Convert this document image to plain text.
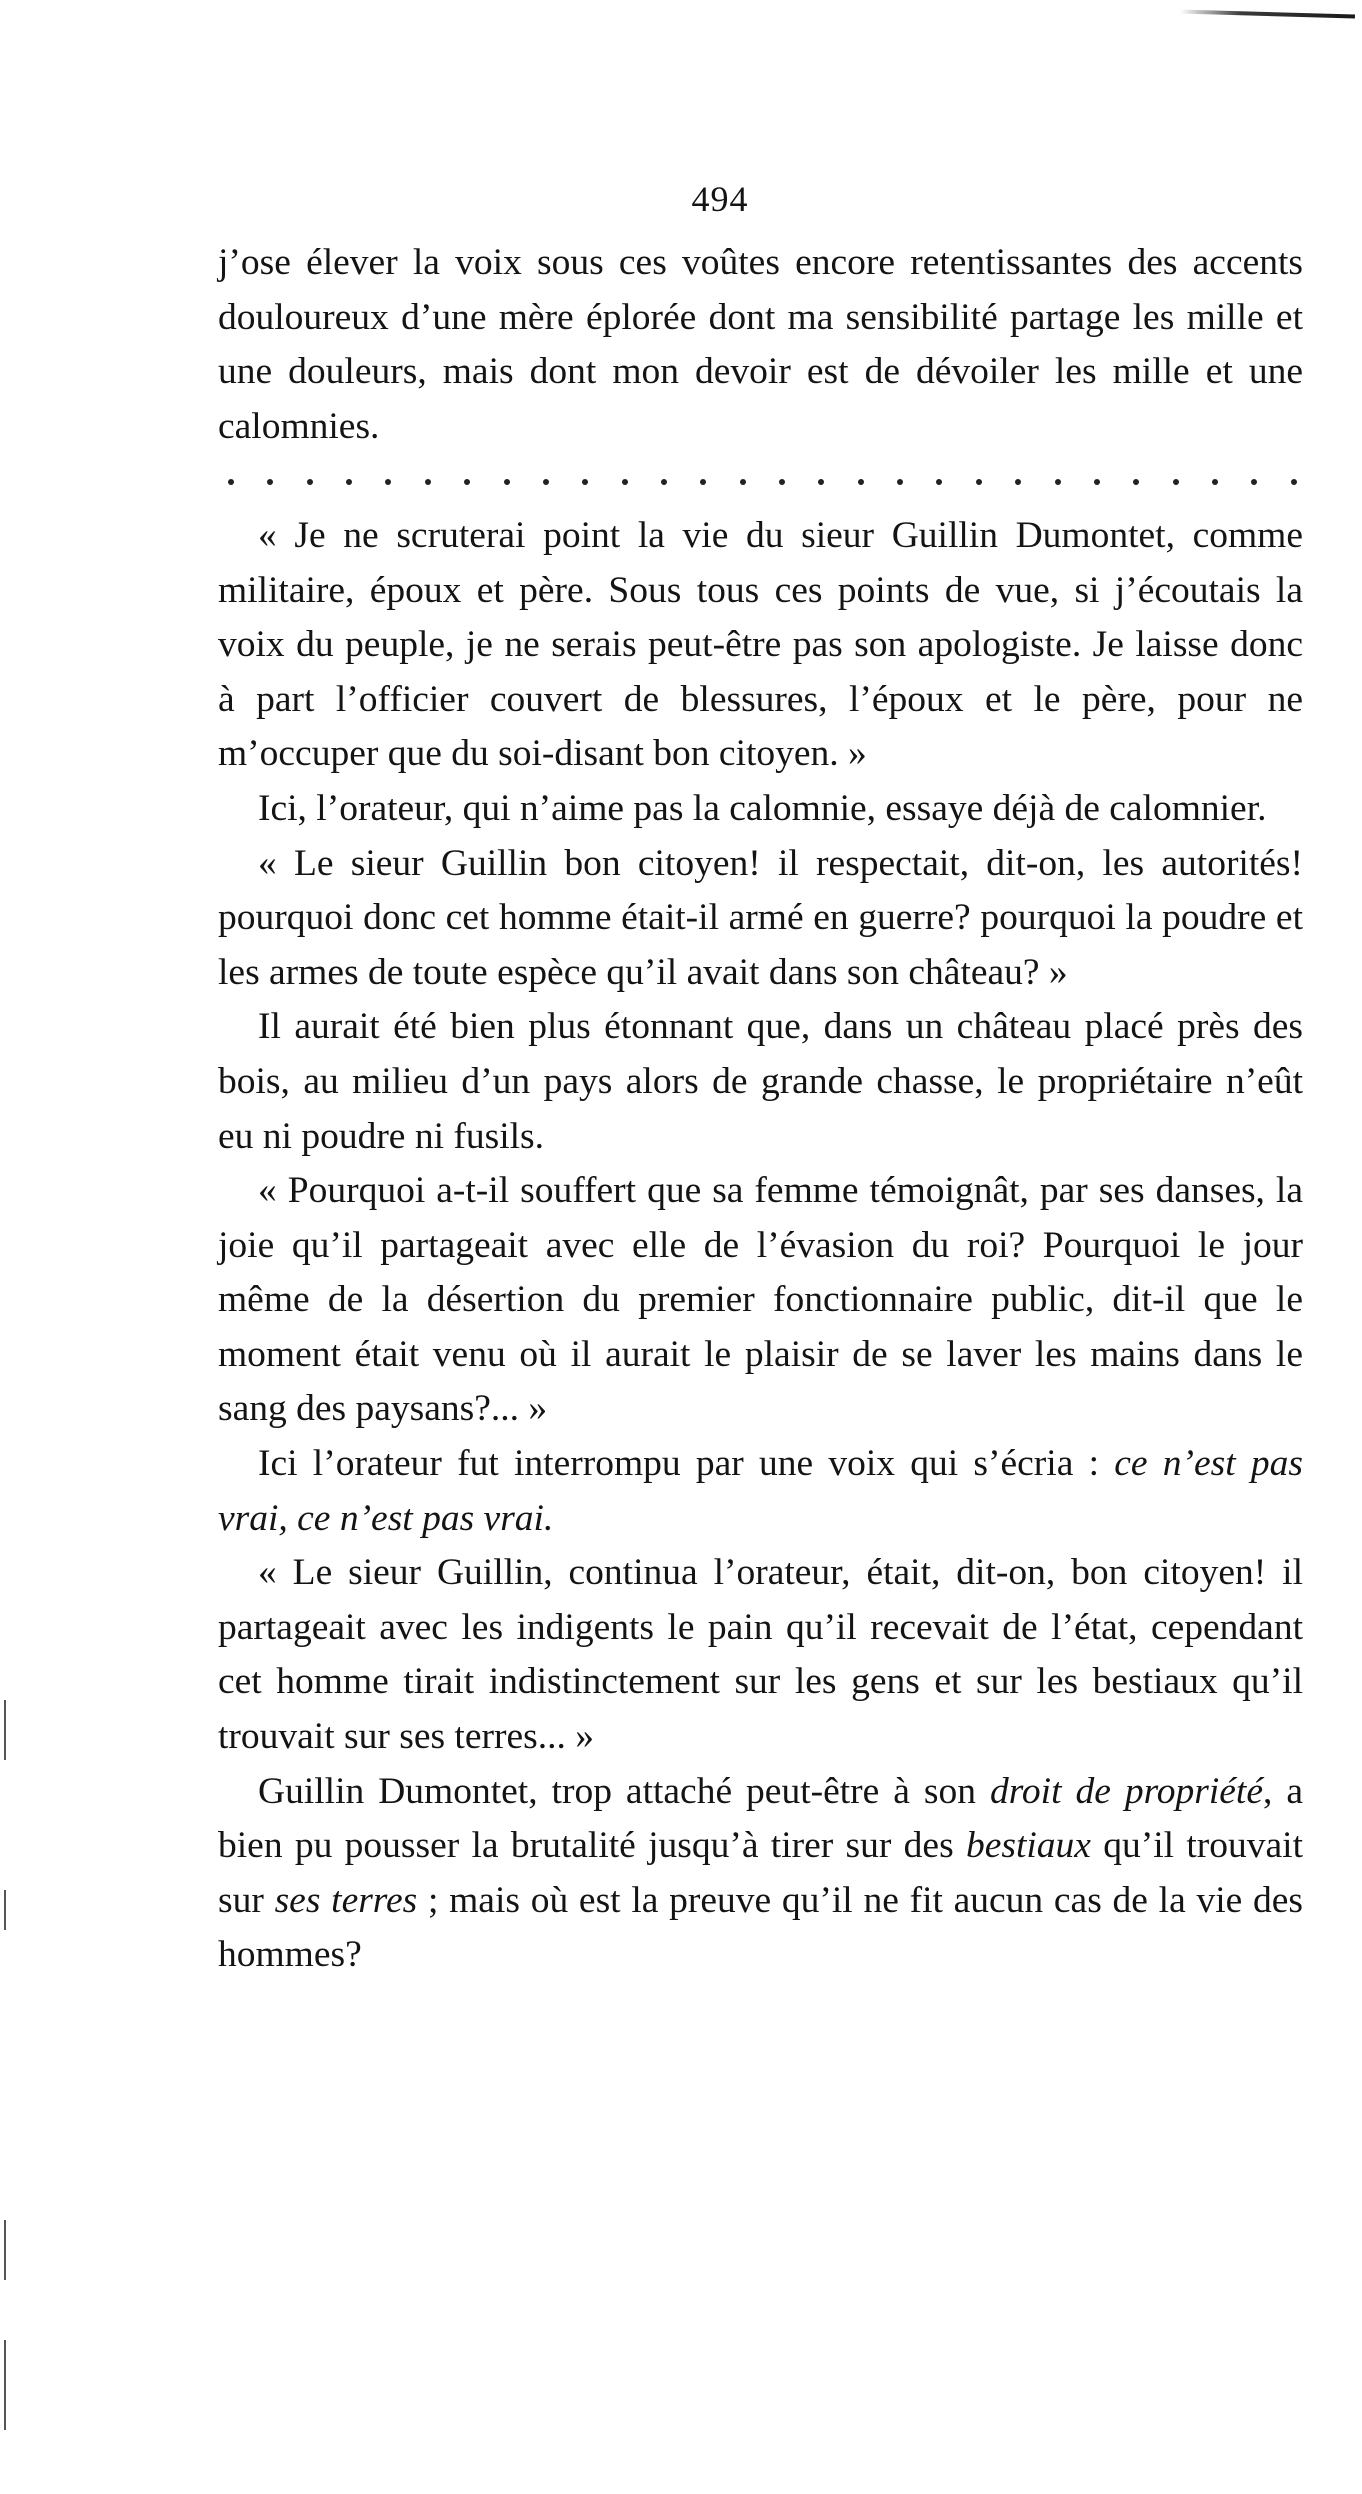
494

j’ose élever la voix sous ces voûtes encore retentissantes des accents douloureux d’une mère éplorée dont ma sensibilité partage les mille et une douleurs, mais dont mon devoir est de dévoiler les mille et une calomnies.

« Je ne scruterai point la vie du sieur Guillin Dumontet, comme militaire, époux et père. Sous tous ces points de vue, si j’écoutais la voix du peuple, je ne serais peut-être pas son apologiste. Je laisse donc à part l’officier couvert de blessures, l’époux et le père, pour ne m’occuper que du soi-disant bon citoyen. »

Ici, l’orateur, qui n’aime pas la calomnie, essaye déjà de calomnier.

« Le sieur Guillin bon citoyen! il respectait, dit-on, les autorités! pourquoi donc cet homme était-il armé en guerre? pourquoi la poudre et les armes de toute espèce qu’il avait dans son château? »

Il aurait été bien plus étonnant que, dans un château placé près des bois, au milieu d’un pays alors de grande chasse, le propriétaire n’eût eu ni poudre ni fusils.

« Pourquoi a-t-il souffert que sa femme témoignât, par ses danses, la joie qu’il partageait avec elle de l’évasion du roi? Pourquoi le jour même de la désertion du premier fonctionnaire public, dit-il que le moment était venu où il aurait le plaisir de se laver les mains dans le sang des paysans?... »

Ici l’orateur fut interrompu par une voix qui s’écria : ce n’est pas vrai, ce n’est pas vrai.

« Le sieur Guillin, continua l’orateur, était, dit-on, bon citoyen! il partageait avec les indigents le pain qu’il recevait de l’état, cependant cet homme tirait indistinctement sur les gens et sur les bestiaux qu’il trouvait sur ses terres... »

Guillin Dumontet, trop attaché peut-être à son droit de propriété, a bien pu pousser la brutalité jusqu’à tirer sur des bestiaux qu’il trouvait sur ses terres ; mais où est la preuve qu’il ne fit aucun cas de la vie des hommes?
